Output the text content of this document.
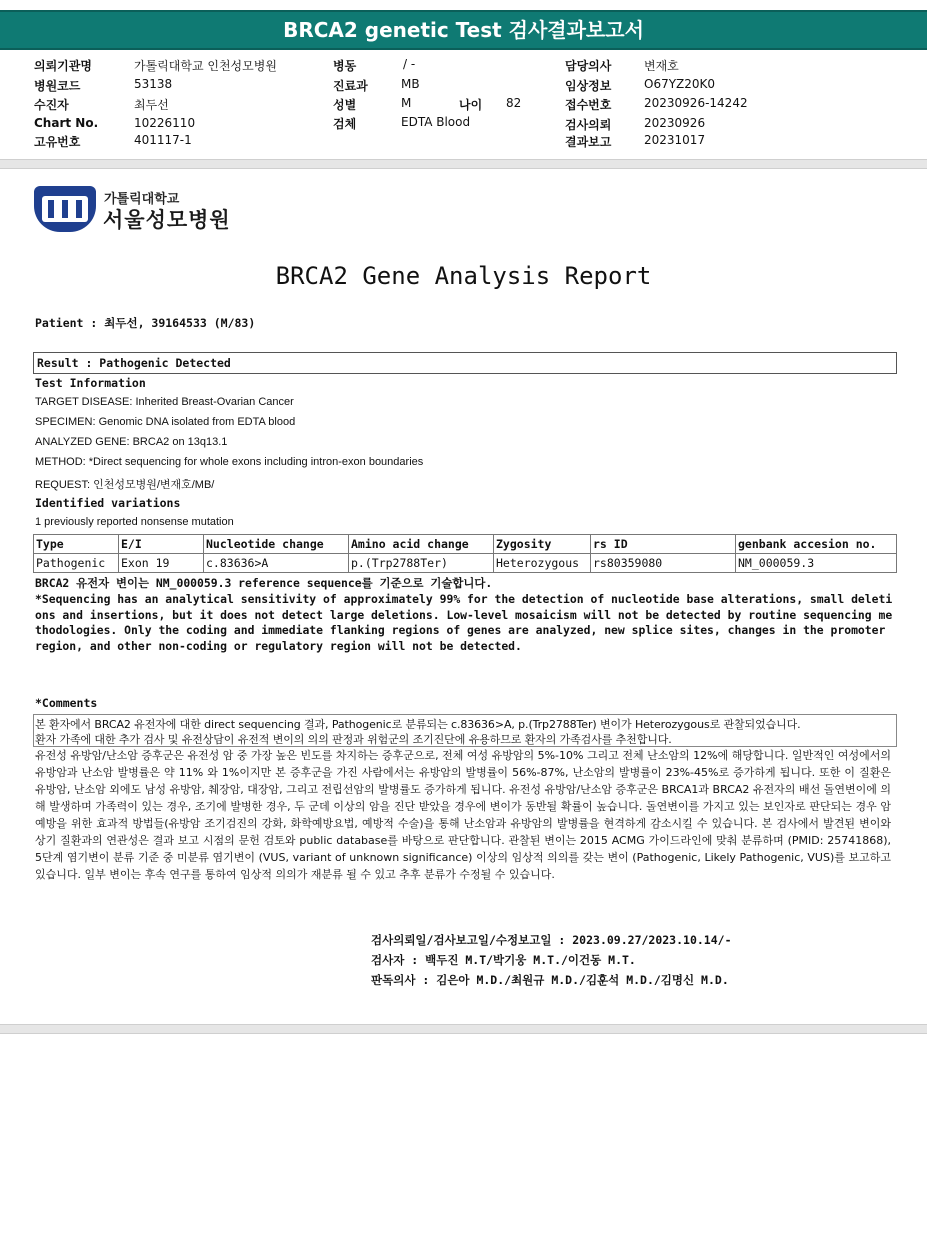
BRCA2 genetic Test 검사결과보고서
의뢰기관명	가톨릭대학교 인천성모병원
병원코드	53138
수진자	최두선
Chart No.	10226110
고유번호	401117-1
병동	/ -
진료과	MB
성별	M	나이 82
검체	EDTA Blood
담당의사	변재호
임상정보	O67YZ20K0
접수번호	20230926-14242
검사의뢰	20230926
결과보고	20231017
가톨릭대학교
서울성모병원
BRCA2 Gene Analysis Report
Patient : 최두선, 39164533 (M/83)
Result : Pathogenic Detected
Test Information
TARGET DISEASE: Inherited Breast-Ovarian Cancer
SPECIMEN: Genomic DNA isolated from EDTA blood
ANALYZED GENE: BRCA2 on 13q13.1
METHOD: *Direct sequencing for whole exons including intron-exon boundaries
REQUEST: 인천성모병원/변재호/MB/
Identified variations
1 previously reported nonsense mutation
Type	E/I	Nucleotide change	Amino acid change	Zygosity	rs ID	genbank accesion no.
Pathogenic	Exon 19	c.83636>A	p.(Trp2788Ter)	Heterozygous	rs80359080	NM_000059.3
BRCA2 유전자 변이는 NM_000059.3 reference sequence를 기준으로 기술합니다.
*Sequencing has an analytical sensitivity of approximately 99% for the detection of nucleotide base alterations, small deletions and insertions, but it does not detect large deletions. Low-level mosaicism will not be detected by routine sequencing methodologies. Only the coding and immediate flanking regions of genes are analyzed, new splice sites, changes in the promoter region, and other non-coding or regulatory region will not be detected.
*Comments
본 환자에서 BRCA2 유전자에 대한 direct sequencing 결과, Pathogenic로 분류되는 c.83636>A, p.(Trp2788Ter) 변이가 Heterozygous로 관찰되었습니다.
환자 가족에 대한 추가 검사 및 유전상담이 유전적 변이의 의의 판정과 위험군의 조기진단에 유용하므로 환자의 가족검사를 추천합니다.
유전성 유방암/난소암 증후군은 유전성 암 중 가장 높은 빈도를 차지하는 증후군으로, 전체 여성 유방암의 5%-10% 그리고 전체 난소암의 12%에 해당합니다. 일반적인 여성에서의 유방암과 난소암 발병률은 약 11% 와 1%이지만 본 증후군을 가진 사람에서는 유방암의 발병률이 56%-87%, 난소암의 발병률이 23%-45%로 증가하게 됩니다. 또한 이 질환은 유방암, 난소암 외에도 남성 유방암, 췌장암, 대장암, 그리고 전립선암의 발병률도 증가하게 됩니다. 유전성 유방암/난소암 증후군은 BRCA1과 BRCA2 유전자의 배선 돌연변이에 의해 발생하며 가족력이 있는 경우, 조기에 발병한 경우, 두 군데 이상의 암을 진단 받았을 경우에 변이가 동반될 확률이 높습니다. 돌연변이를 가지고 있는 보인자로 판단되는 경우 암 예방을 위한 효과적 방법들(유방암 조기검진의 강화, 화학예방요법, 예방적 수술)을 통해 난소암과 유방암의 발병률을 현격하게 감소시킬 수 있습니다. 본 검사에서 발견된 변이와 상기 질환과의 연관성은 결과 보고 시점의 문헌 검토와 public database를 바탕으로 판단합니다. 관찰된 변이는 2015 ACMG 가이드라인에 맞춰 분류하며 (PMID: 25741868), 5단계 염기변이 분류 기준 중 미분류 염기변이 (VUS, variant of unknown significance) 이상의 임상적 의의를 갖는 변이 (Pathogenic, Likely Pathogenic, VUS)를 보고하고 있습니다. 일부 변이는 후속 연구를 통하여 임상적 의의가 재분류 될 수 있고 추후 분류가 수정될 수 있습니다.
검사의뢰일/검사보고일/수정보고일 : 2023.09.27/2023.10.14/-
검사자 : 백두진 M.T/박기웅 M.T./이건동 M.T.
판독의사 : 김은아 M.D./최원규 M.D./김훈석 M.D./김명신 M.D.
